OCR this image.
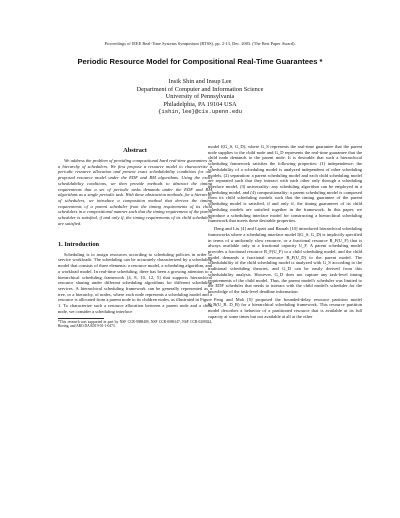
Proceedings of IEEE Real-Time Systems Symposium (RTSS), pp. 2-13, Dec. 2003. (The Best Paper Award).
Periodic Resource Model for Compositional Real-Time Guarantees *
Insik Shin and Insup Lee
Department of Computer and Information Science
University of Pennsylvania
Philadelphia, PA 19104 USA
{ishin,lee}@cis.upenn.edu
Abstract

We address the problem of providing compositional hard real-time guarantees in a hierarchy of schedulers. We first propose a resource model to characterize a periodic resource allocation and present exact schedulability conditions for our proposed resource model under the EDF and RM algorithms. Using the exact schedulability conditions, we then provide methods to abstract the timing requirements that a set of periodic tasks demands under the EDF and RM algorithms as a single periodic task. With these abstraction methods, for a hierarchy of schedulers, we introduce a composition method that derives the timing requirements of a parent scheduler from the timing requirements of its child schedulers in a compositional manner such that the timing requirement of the parent scheduler is satisfied, if and only if, the timing requirements of its child schedulers are satisfied.

1. Introduction

Scheduling is to assign resources according to scheduling policies in order to service workloads. The scheduling can be accurately characterized by a scheduling model that consists of three elements: a resource model, a scheduling algorithm, and a workload model. In real-time scheduling, there has been a growing attention to a hierarchical scheduling framework [4, 8, 10, 12, 5] that supports hierarchical resource sharing under different scheduling algorithms for different scheduling services. A hierarchical scheduling framework can be generally represented as a tree, or a hierarchy, of nodes, where each node represents a scheduling model and a resource is allocated from a parent node to its children nodes, as illustrated in Figure 1. To characterize such a resource allocation between a parent node and a child node, we consider a scheduling interface

*This research was supported in part by NSF CCR-9988409, NSF CCR-0086147, NSF CCR-0209024, Boeing, and ARO DAAD19-01-1-0473.

model I(G_S, G_D), where G_S represents the real-time guarantee that the parent node supplies to the child node and G_D represents the real-time guarantee that the child node demands to the parent node. It is desirable that such a hierarchical scheduling framework satisfies the following properties: (1) independence: the schedulability of a scheduling model is analyzed independent of other scheduling models, (2) separation: a parent scheduling model and each child scheduling model are separated such that they interact with each other only through a scheduling interface model, (3) universality: any scheduling algorithm can be employed in a scheduling model, and (4) compositionality: a parent scheduling model is composed from its child scheduling models such that the timing guarantee of the parent scheduling model is satisfied, if and only if, the timing guarantees of its child scheduling models are satisfied together in the framework. In this paper, we introduce a scheduling interface model for constructing a hierarchical scheduling framework that meets these desirable properties.

Deng and Liu [4] and Lipari and Baruah [10] introduced hierarchical scheduling frameworks where a scheduling interface model I(G_S, G_D) is implicitly specified in terms of a uniformly slow resource, or a fractional resource R_F(U_F) that is always available only at a fractional capacity U_F. A parent scheduling model provides a fractional resource R_F(U_F) to a child scheduling model, and the child model demands a fractional resource R_F(U_D) to the parent model. The schedulability of the child scheduling model is analyzed with G_S according to the traditional scheduling theories, and G_D can be easily derived from this schedulability analysis. However, G_D does not capture any task-level timing requirements of the child model. Thus, the parent model's scheduler was limited to the EDF scheduler that needs to interact with the child model's scheduler for the knowledge of the task-level deadline information.

Feng and Mok [5] proposed the bounded-delay resource partition model R_B(U_B, D_B) for a hierarchical scheduling framework. This resource partition model describes a behavior of a partitioned resource that is available at its full capacity at some times but not available at all at the other
